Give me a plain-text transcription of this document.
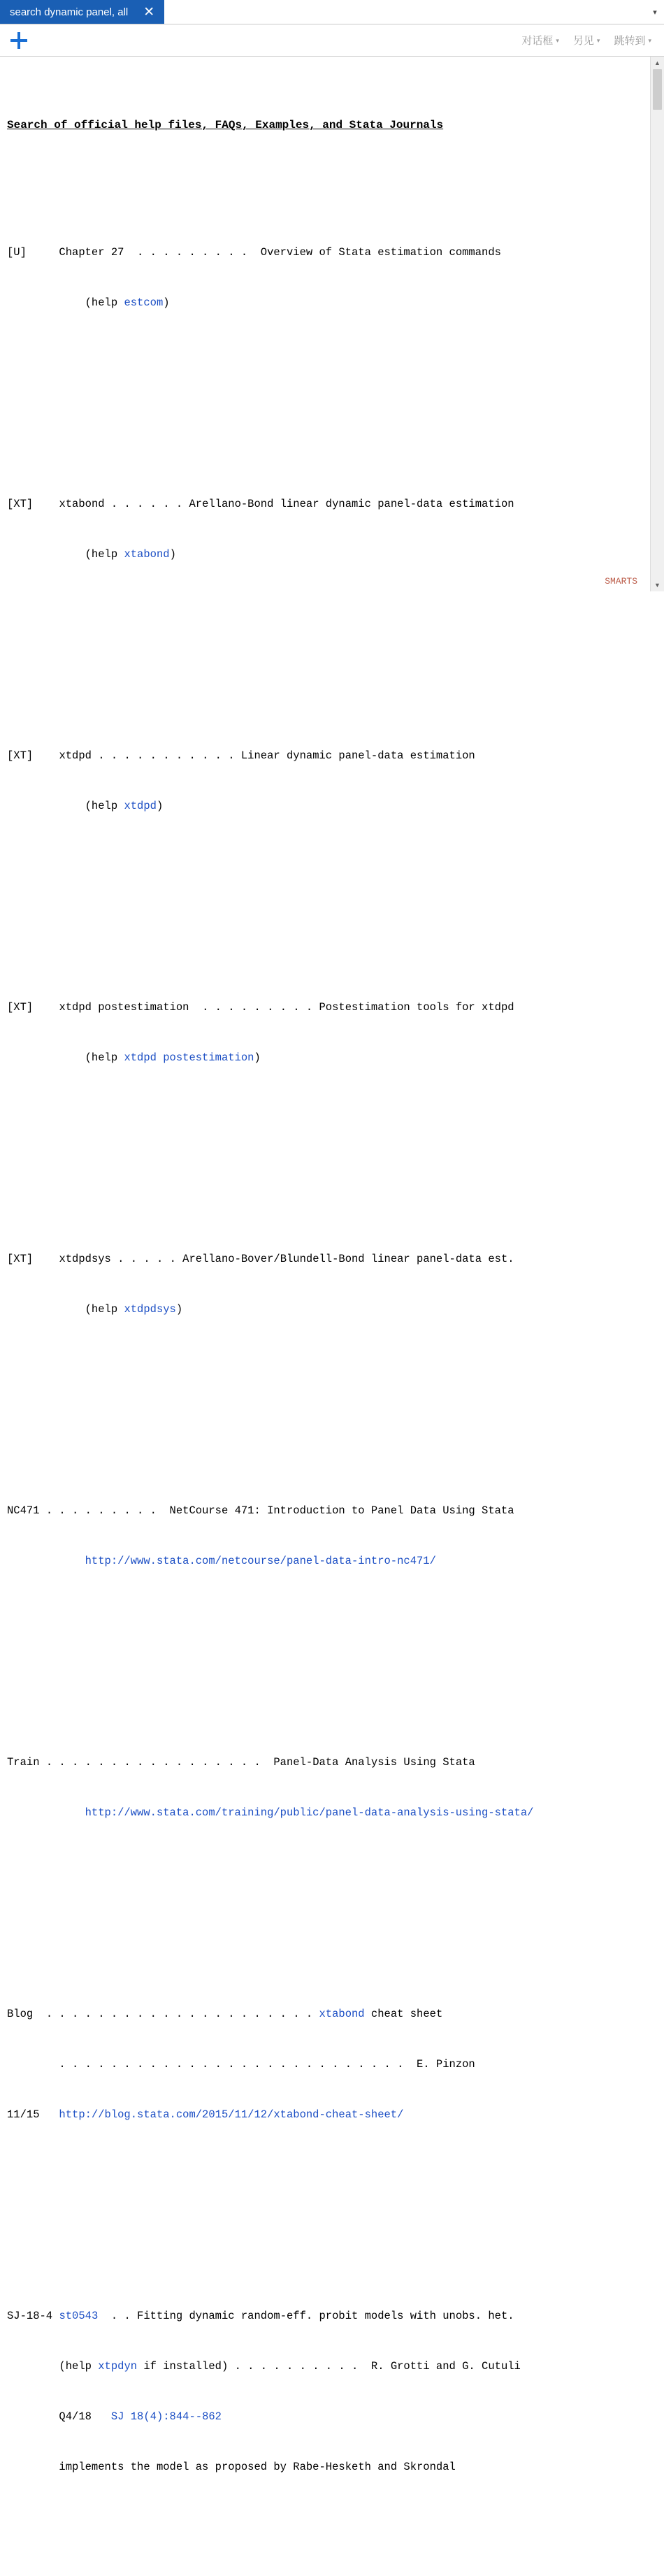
search dynamic panel, all ✕	▾
对话框 ▾ 另见 ▾ 跳转到 ▾

Search of official help files, FAQs, Examples, and Stata Journals

[U]	Chapter 27  . . . . . . . . .  Overview of Stata estimation commands

(help estcom)

[XT] xtabond . . . . . . Arellano-Bond linear dynamic panel-data estimation

(help xtabond)

[XT] xtdpd . . . . . . . . . . . Linear dynamic panel-data estimation

(help xtdpd)

[XT] xtdpd postestimation  . . . . . . . . . Postestimation tools for xtdpd

(help xtdpd postestimation)

[XT] xtdpdsys . . . . . Arellano-Bover/Blundell-Bond linear panel-data est.

(help xtdpdsys)

NC471 . . . . . . . . .  NetCourse 471: Introduction to Panel Data Using Stata

http://www.stata.com/netcourse/panel-data-intro-nc471/

Train . . . . . . . . . . . . . . . . .  Panel-Data Analysis Using Stata

http://www.stata.com/training/public/panel-data-analysis-using-stata/

Blog . . . . . . . . . . . . . . . . . . . . . xtabond cheat sheet

. . . . . . . . . . . . . . . . . . . . . . . . . . .  E. Pinzon

11/15 http://blog.stata.com/2015/11/12/xtabond-cheat-sheet/

SJ-18-4 st0543  . . Fitting dynamic random-eff. probit models with unobs. het.

(help xtpdyn if installed) . . . . . . . . . .  R. Grotti and G. Cutuli

Q4/18 SJ 18(4):844--862

implements the model as proposed by Rabe-Hesketh and Skrondal

SMARTS

▲
▼
